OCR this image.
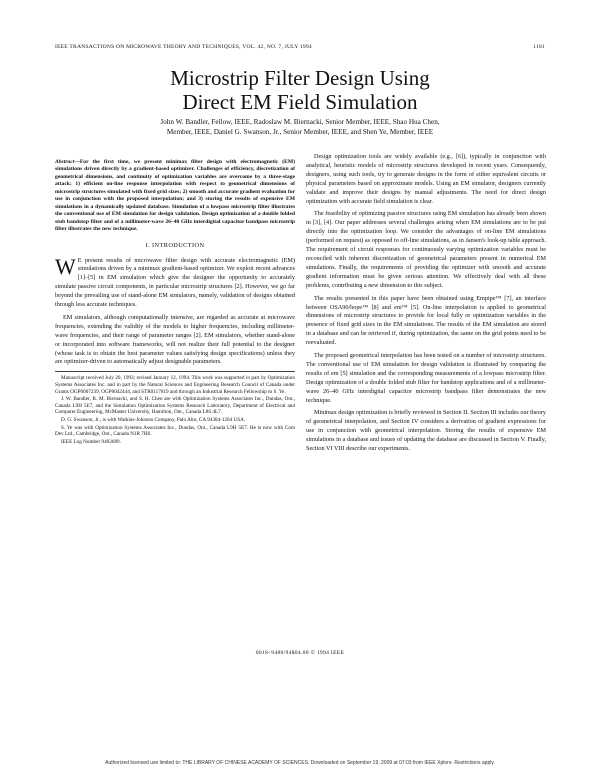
IEEE TRANSACTIONS ON MICROWAVE THEORY AND TECHNIQUES, VOL. 42, NO. 7, JULY 1994	1181
Microstrip Filter Design Using
Direct EM Field Simulation
John W. Bandler, Fellow, IEEE, Radoslaw M. Biernacki, Senior Member, IEEE, Shao Hua Chen,
Member, IEEE, Daniel G. Swanson, Jr., Senior Member, IEEE, and Shen Ye, Member, IEEE

Abstract—For the first time, we present minimax filter design with electromagnetic (EM) simulations driven directly by a gradient-based optimizer. Challenges of efficiency, discretization of geometrical dimensions, and continuity of optimization variables are overcome by a three-stage attack: 1) efficient on-line response interpolation with respect to geometrical dimensions of microstrip structures simulated with fixed grid sizes; 2) smooth and accurate gradient evaluation for use in conjunction with the proposed interpolation; and 3) storing the results of expensive EM simulations in a dynamically updated database. Simulation of a lowpass microstrip filter illustrates the conventional use of EM simulation for design validation. Design optimization of a double folded stub bandstop filter and of a millimeter-wave 26–40 GHz interdigital capacitor bandpass microstrip filter illustrates the new technique.

I. INTRODUCTION

W E present results of microwave filter design with accurate electromagnetic (EM) simulations driven by a minimax gradient-based optimizer. We exploit recent advances [1]–[5] in EM simulation which give the designer the opportunity to accurately simulate passive circuit components, in particular microstrip structures [2]. However, we go far beyond the prevailing use of stand-alone EM simulators, namely, validation of designs obtained through less accurate techniques.

EM simulators, although computationally intensive, are regarded as accurate at microwave frequencies, extending the validity of the models to higher frequencies, including millimeter-wave frequencies, and their range of parameter ranges [2]. EM simulators, whether stand-alone or incorporated into software frameworks, will not realize their full potential to the designer (whose task is to obtain the best parameter values satisfying design specifications) unless they are optimizer-driven to automatically adjust designable parameters.

Manuscript received July 20, 1993; revised January 12, 1994. This work was supported in part by Optimization Systems Associates Inc. and in part by the Natural Sciences and Engineering Research Council of Canada under Grants OGP0007239, OGP0042444, and STR0117819 and through an Industrial Research Fellowship to S. Ye.

J. W. Bandler, R. M. Biernacki, and S. H. Chen are with Optimization Systems Associates Inc., Dundas, Ont., Canada L9H 5E7, and the Simulation Optimization Systems Research Laboratory, Department of Electrical and Computer Engineering, McMaster University, Hamilton, Ont., Canada L8S 4L7.

D. G. Swanson, Jr., is with Watkins-Johnson Company, Palo Alto, CA 94304-1204 USA.

S. Ye was with Optimization Systems Associates Inc., Dundas, Ont., Canada L9H 5E7. He is now with Com Dev Ltd., Cambridge, Ont., Canada N1R 7H6.

IEEE Log Number 9402689.

Design optimization tools are widely available (e.g., [6]), typically in conjunction with analytical, heuristic models of microstrip structures developed in recent years. Consequently, designers, using such tools, try to generate designs in the form of either equivalent circuits or physical parameters based on approximate models. Using an EM simulator, designers currently validate and improve their designs by manual adjustments. The need for direct design optimization with accurate field simulation is clear.

The feasibility of optimizing passive structures using EM simulation has already been shown in [3], [4]. Our paper addresses several challenges arising when EM simulations are to be put directly into the optimization loop. We consider the advantages of on-line EM simulations (performed on request) as opposed to off-line simulations, as in Jansen's look-up table approach. The requirement of circuit responses for continuously varying optimization variables must be reconciled with inherent discretization of geometrical parameters present in numerical EM simulations. Finally, the requirements of providing the optimizer with smooth and accurate gradient information must be given serious attention. We effectively deal with all these problems, contributing a new dimension to this subject.

The results presented in this paper have been obtained using Empipe™ [7], an interface between OSA90/hope™ [8] and em™ [5]. On-line interpolation is applied to geometrical dimensions of microstrip structures to provide for local fully or optimization variables in the presence of fixed grid sizes in the EM simulations. The results of the EM simulation are stored in a database and can be retrieved if, during optimization, the same on the grid points need to be reevaluated.

The proposed geometrical interpolation has been tested on a number of microstrip structures. The conventional use of EM simulation for design validation is illustrated by comparing the results of em [5] simulation and the corresponding measurements of a lowpass microstrip filter. Design optimization of a double folded stub filter for bandstop applications and of a millimeter-wave 26–40 GHz interdigital capacitor microstrip bandpass filter demonstrates the new technique.

Minimax design optimization is briefly reviewed in Section II. Section III includes our theory of geometrical interpolation, and Section IV considers a derivation of gradient expressions for use in conjunction with geometrical interpolation. Storing the results of expensive EM simulations in a database and issues of updating the database are discussed in Section V. Finally, Section VI VIII describe our experiments.

0018–9480/94$04.00 © 1994 IEEE
Authorized licensed use limited to: THE LIBRARY OF CHINESE ACADEMY OF SCIENCES. Downloaded on September 19, 2009 at 07:03 from IEEE Xplore. Restrictions apply.
